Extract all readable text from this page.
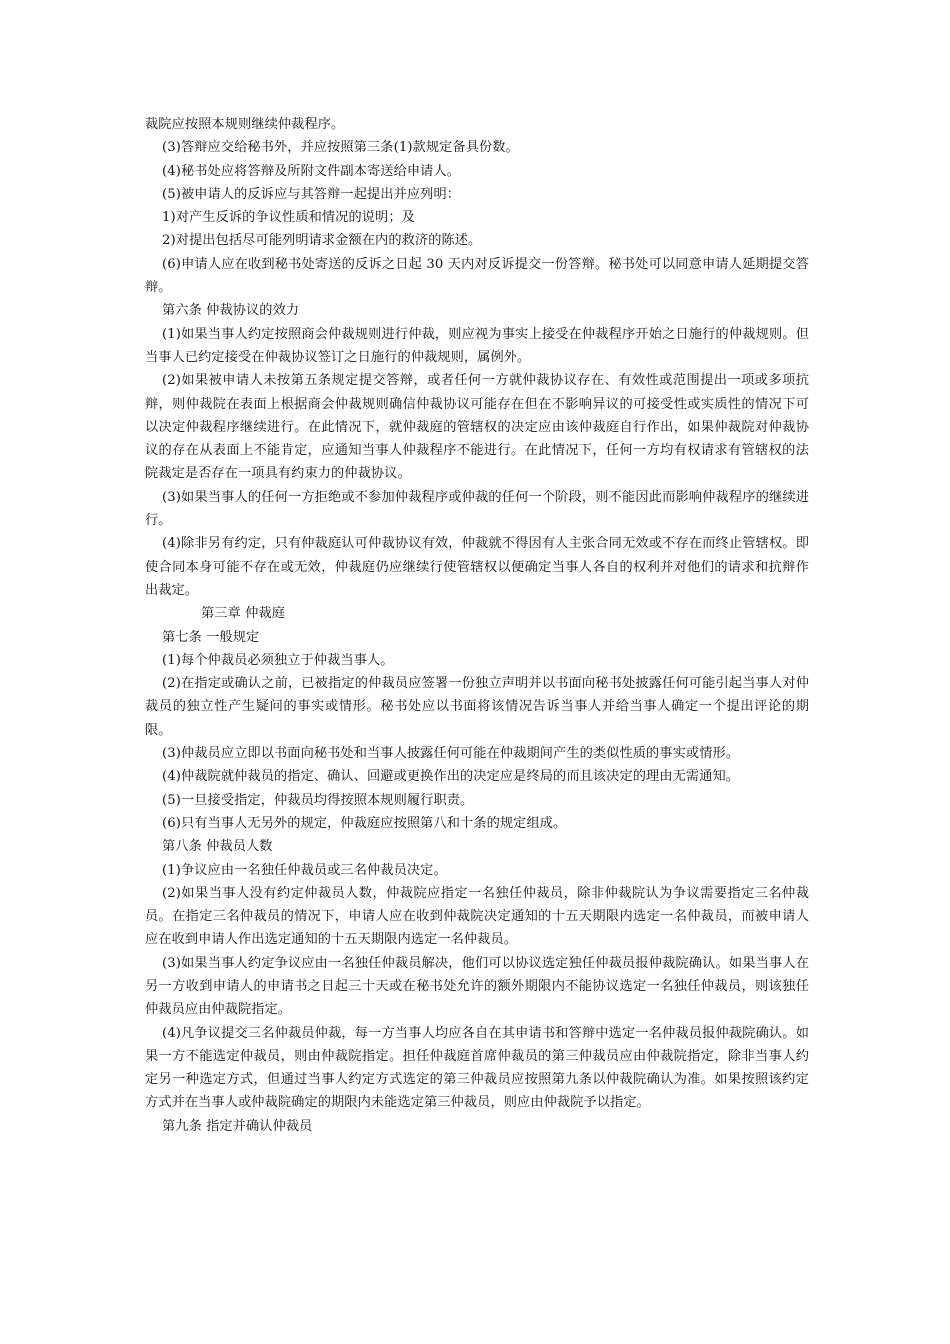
裁院应按照本规则继续仲裁程序。

(3)答辩应交给秘书外，并应按照第三条(1)款规定备具份数。

(4)秘书处应将答辩及所附文件副本寄送给申请人。

(5)被申请人的反诉应与其答辩一起提出并应列明：

1)对产生反诉的争议性质和情况的说明；及

2)对提出包括尽可能列明请求金额在内的救济的陈述。

(6)申请人应在收到秘书处寄送的反诉之日起 30 天内对反诉提交一份答辩。秘书处可以同意申请人延期提交答辩。

第六条 仲裁协议的效力

(1)如果当事人约定按照商会仲裁规则进行仲裁，则应视为事实上接受在仲裁程序开始之日施行的仲裁规则。但当事人已约定接受在仲裁协议签订之日施行的仲裁规则，属例外。

(2)如果被申请人未按第五条规定提交答辩，或者任何一方就仲裁协议存在、有效性或范围提出一项或多项抗辩，则仲裁院在表面上根据商会仲裁规则确信仲裁协议可能存在但在不影响异议的可接受性或实质性的情况下可以决定仲裁程序继续进行。在此情况下，就仲裁庭的管辖权的决定应由该仲裁庭自行作出，如果仲裁院对仲裁协议的存在从表面上不能肯定，应通知当事人仲裁程序不能进行。在此情况下，任何一方均有权请求有管辖权的法院裁定是否存在一项具有约束力的仲裁协议。

(3)如果当事人的任何一方拒绝或不参加仲裁程序或仲裁的任何一个阶段，则不能因此而影响仲裁程序的继续进行。

(4)除非另有约定，只有仲裁庭认可仲裁协议有效，仲裁就不得因有人主张合同无效或不存在而终止管辖权。即使合同本身可能不存在或无效，仲裁庭仍应继续行使管辖权以便确定当事人各自的权利并对他们的请求和抗辩作出裁定。

第三章 仲裁庭

第七条 一般规定

(1)每个仲裁员必须独立于仲裁当事人。

(2)在指定或确认之前，已被指定的仲裁员应签署一份独立声明并以书面向秘书处披露任何可能引起当事人对仲裁员的独立性产生疑问的事实或情形。秘书处应以书面将该情况告诉当事人并给当事人确定一个提出评论的期限。

(3)仲裁员应立即以书面向秘书处和当事人披露任何可能在仲裁期间产生的类似性质的事实或情形。

(4)仲裁院就仲裁员的指定、确认、回避或更换作出的决定应是终局的而且该决定的理由无需通知。

(5)一旦接受指定，仲裁员均得按照本规则履行职责。

(6)只有当事人无另外的规定，仲裁庭应按照第八和十条的规定组成。

第八条 仲裁员人数

(1)争议应由一名独任仲裁员或三名仲裁员决定。

(2)如果当事人没有约定仲裁员人数，仲裁院应指定一名独任仲裁员，除非仲裁院认为争议需要指定三名仲裁员。在指定三名仲裁员的情况下，申请人应在收到仲裁院决定通知的十五天期限内选定一名仲裁员，而被申请人应在收到申请人作出选定通知的十五天期限内选定一名仲裁员。

(3)如果当事人约定争议应由一名独任仲裁员解决，他们可以协议选定独任仲裁员报仲裁院确认。如果当事人在另一方收到申请人的申请书之日起三十天或在秘书处允许的额外期限内不能协议选定一名独任仲裁员，则该独任仲裁员应由仲裁院指定。

(4)凡争议提交三名仲裁员仲裁，每一方当事人均应各自在其申请书和答辩中选定一名仲裁员报仲裁院确认。如果一方不能选定仲裁员，则由仲裁院指定。担任仲裁庭首席仲裁员的第三仲裁员应由仲裁院指定，除非当事人约定另一种选定方式，但通过当事人约定方式选定的第三仲裁员应按照第九条以仲裁院确认为准。如果按照该约定方式并在当事人或仲裁院确定的期限内未能选定第三仲裁员，则应由仲裁院予以指定。

第九条 指定并确认仲裁员
